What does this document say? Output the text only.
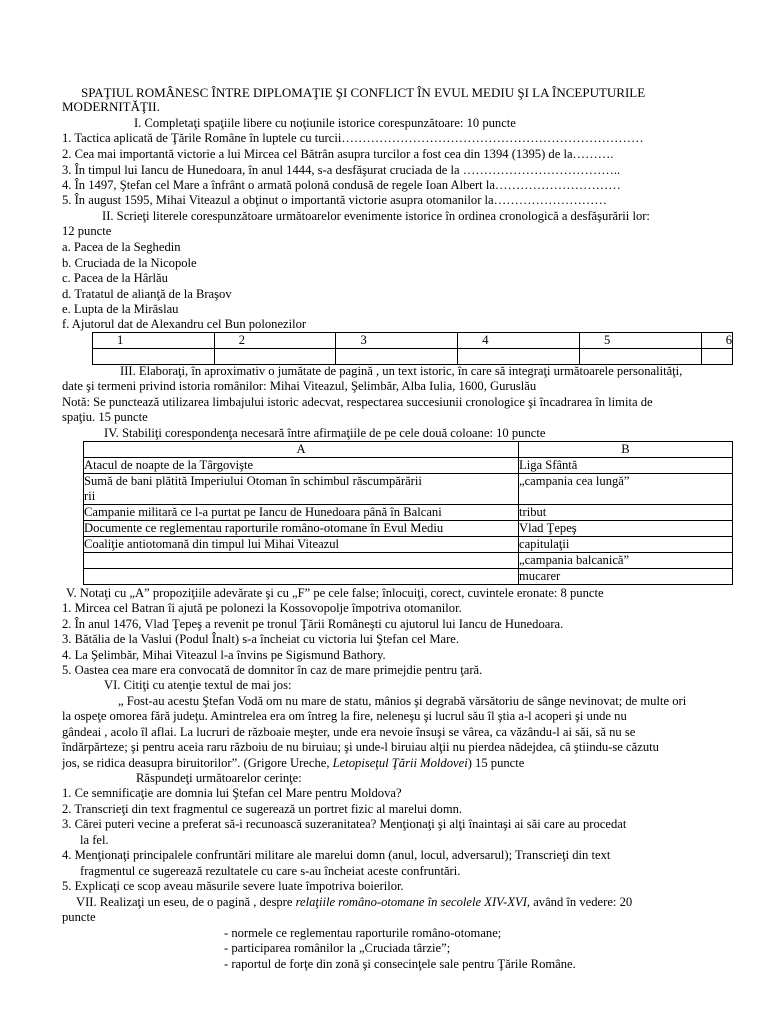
SPAŢIUL ROMÂNESC ÎNTRE DIPLOMAŢIE ŞI CONFLICT ÎN EVUL MEDIU ŞI LA ÎNCEPUTURILE
MODERNITĂŢII.
I. Completaţi spaţiile libere cu noţiunile istorice corespunzătoare: 10 puncte
1. Tactica aplicată de Ţările Române în luptele cu turcii………………………………………………………………
2. Cea mai importantă victorie a lui Mircea cel Bătrân asupra turcilor a fost cea din 1394 (1395) de la……….
3. În timpul lui Iancu de Hunedoara, în anul 1444, s-a desfăşurat cruciada de la ………………………………..
4. În 1497, Ştefan cel Mare a înfrânt o armată polonă condusă de regele Ioan Albert la…………………………
5. În august 1595, Mihai Viteazul a obţinut o importantă victorie asupra otomanilor la………………………
II. Scrieţi literele corespunzătoare următoarelor evenimente istorice în ordinea cronologică a desfăşurării lor:
12 puncte
a. Pacea de la Seghedin
b. Cruciada de la Nicopole
c. Pacea de la Hârlău
d. Tratatul de alianţă de la Braşov
e. Lupta de la Mirăslau
f. Ajutorul dat de Alexandru cel Bun polonezilor
1	2	3	4	5	6

III. Elaboraţi, în aproximativ o jumătate de pagină , un text istoric, în care să integraţi următoarele personalităţi,
date şi termeni privind istoria românilor: Mihai Viteazul, Şelimbăr, Alba Iulia, 1600, Guruslău
Notă: Se punctează utilizarea limbajului istoric adecvat, respectarea succesiunii cronologice şi încadrarea în limita de
spaţiu. 15 puncte
IV. Stabiliţi corespondenţa necesară între afirmaţiile de pe cele două coloane: 10 puncte
A	B
Atacul de noapte de la Târgovişte	Liga Sfântă
Sumă de bani plătită Imperiului Otoman în schimbul răscumpărării
rii	„campania cea lungă”
Campanie militară ce l-a purtat pe Iancu de Hunedoara până în Balcani	tribut
Documente ce reglementau raporturile româno-otomane în Evul Mediu	Vlad Ţepeş
Coaliţie antiotomană din timpul lui Mihai Viteazul	capitulaţii
	„campania balcanică”
	mucarer
V. Notaţi cu „A” propoziţiile adevărate şi cu „F” pe cele false; înlocuiţi, corect, cuvintele eronate: 8 puncte
1. Mircea cel Batran îi ajută pe polonezi la Kossovopolje împotriva otomanilor.
2. În anul 1476, Vlad Ţepeş a revenit pe tronul Ţării Româneşti cu ajutorul lui Iancu de Hunedoara.
3. Bătălia de la Vaslui (Podul Înalt) s-a încheiat cu victoria lui Ştefan cel Mare.
4. La Şelimbăr, Mihai Viteazul l-a învins pe Sigismund Bathory.
5. Oastea cea mare era convocată de domnitor în caz de mare primejdie pentru ţară.
VI. Citiţi cu atenţie textul de mai jos:
„ Fost-au acestu Ştefan Vodă om nu mare de statu, mânios şi degrabă vărsătoriu de sânge nevinovat; de multe ori
la ospeţe omorea fără judeţu. Amintrelea era om întreg la fire, neleneşu şi lucrul său îl ştia a-l acoperi şi unde nu
gândeai , acolo îl aflai. La lucruri de războaie meşter, unde era nevoie însuşi se vârea, ca văzându-l ai săi, să nu se
îndărpărteze; şi pentru aceia raru războiu de nu biruiau; şi unde-l biruiau alţii nu pierdea nădejdea, că ştiindu-se căzutu
jos, se ridica deasupra biruitorilor”. (Grigore Ureche, Letopiseţul Ţării Moldovei) 15 puncte
Răspundeţi următoarelor cerinţe:
1. Ce semnificaţie are domnia lui Ştefan cel Mare pentru Moldova?
2. Transcrieţi din text fragmentul ce sugerează un portret fizic al marelui domn.
3. Cărei puteri vecine a preferat să-i recunoască suzeranitatea? Menţionaţi şi alţi înaintaşi ai săi care au procedat
la fel.
4. Menţionaţi principalele confruntări militare ale marelui domn (anul, locul, adversarul); Transcrieţi din text
fragmentul ce sugerează rezultatele cu care s-au încheiat aceste confruntări.
5. Explicaţi ce scop aveau măsurile severe luate împotriva boierilor.
VII. Realizaţi un eseu, de o pagină , despre relaţiile româno-otomane în secolele XIV-XVI, având în vedere: 20
puncte
- normele ce reglementau raporturile româno-otomane;
- participarea românilor la „Cruciada târzie”;
- raportul de forţe din zonă şi consecinţele sale pentru Ţările Române.
